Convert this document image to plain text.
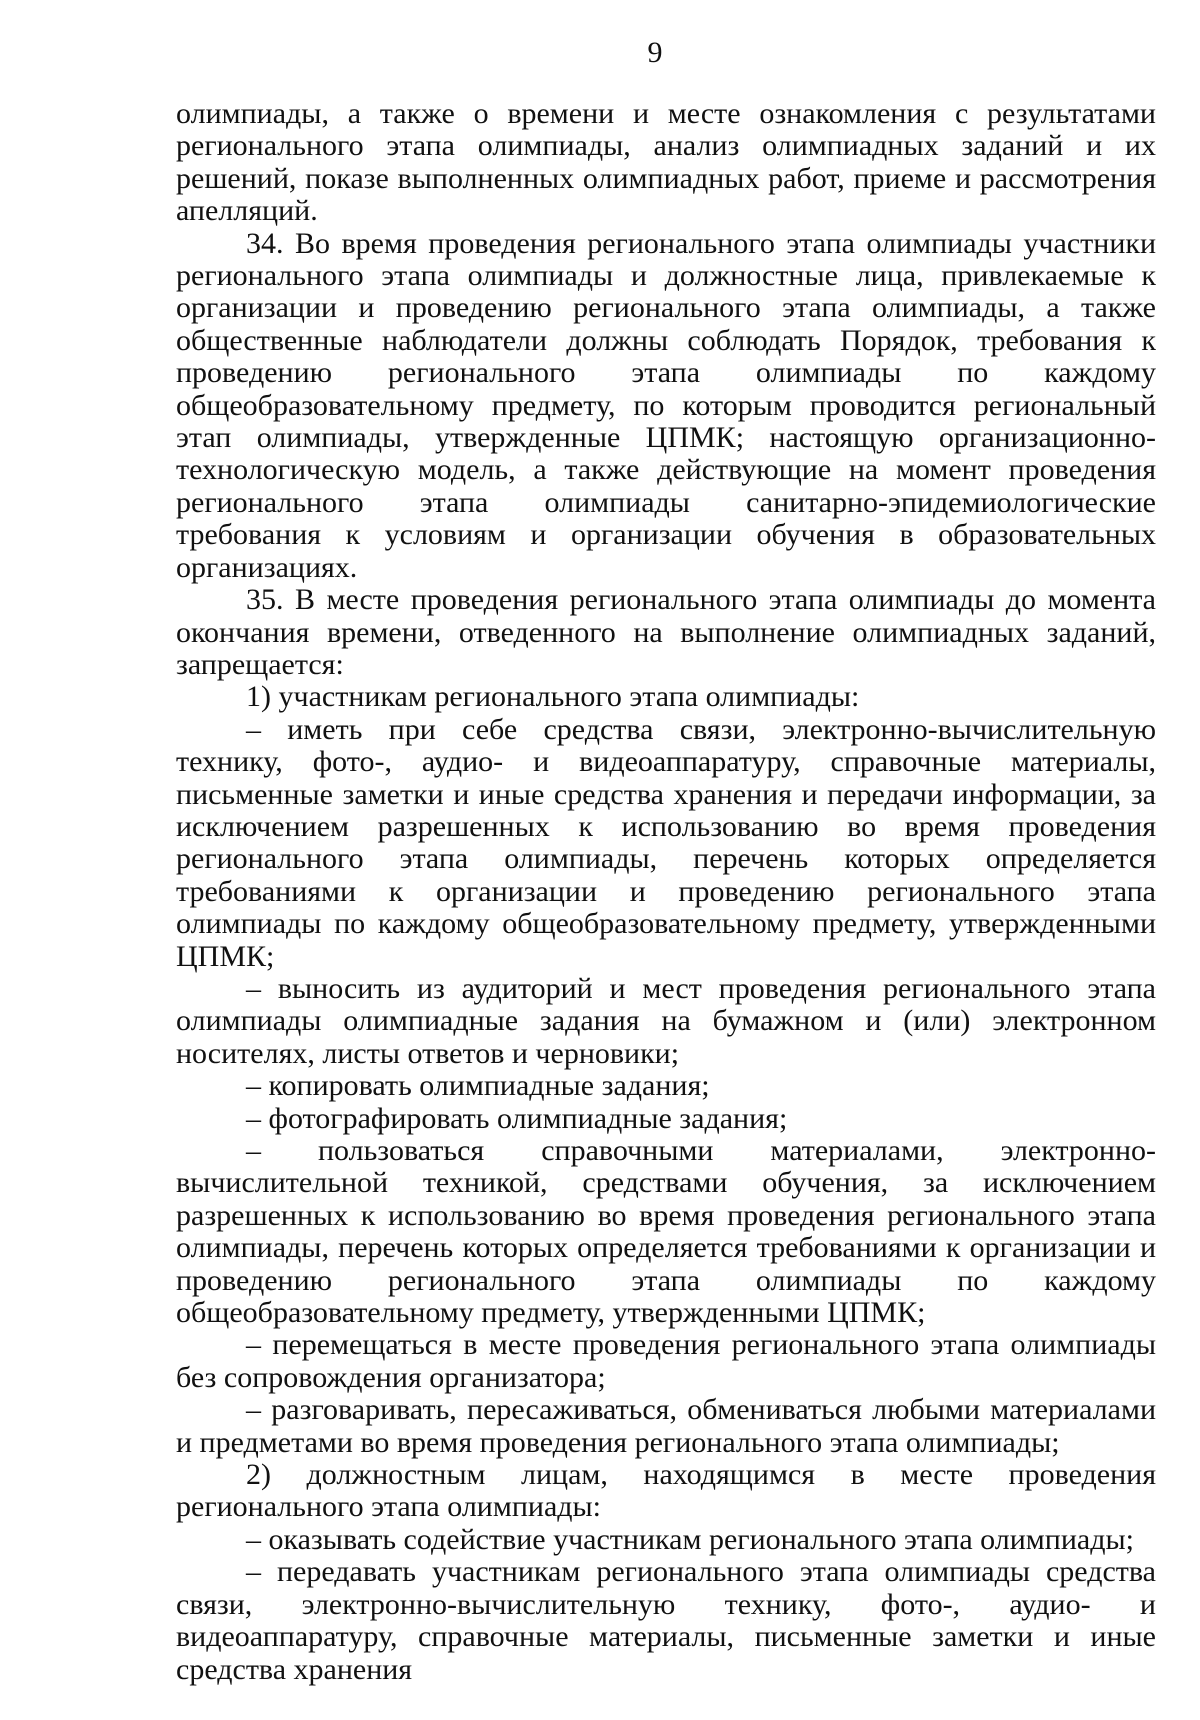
9

олимпиады, а также о времени и месте ознакомления с результатами регионального этапа олимпиады, анализ олимпиадных заданий и их решений, показе выполненных олимпиадных работ, приеме и рассмотрения апелляций.

34. Во время проведения регионального этапа олимпиады участники регионального этапа олимпиады и должностные лица, привлекаемые к организации и проведению регионального этапа олимпиады, а также общественные наблюдатели должны соблюдать Порядок, требования к проведению регионального этапа олимпиады по каждому общеобразовательному предмету, по которым проводится региональный этап олимпиады, утвержденные ЦПМК; настоящую организационно-технологическую модель, а также действующие на момент проведения регионального этапа олимпиады санитарно-эпидемиологические требования к условиям и организации обучения в образовательных организациях.

35. В месте проведения регионального этапа олимпиады до момента окончания времени, отведенного на выполнение олимпиадных заданий, запрещается:

1) участникам регионального этапа олимпиады:

– иметь при себе средства связи, электронно-вычислительную технику, фото-, аудио- и видеоаппаратуру, справочные материалы, письменные заметки и иные средства хранения и передачи информации, за исключением разрешенных к использованию во время проведения регионального этапа олимпиады, перечень которых определяется требованиями к организации и проведению регионального этапа олимпиады по каждому общеобразовательному предмету, утвержденными ЦПМК;

– выносить из аудиторий и мест проведения регионального этапа олимпиады олимпиадные задания на бумажном и (или) электронном носителях, листы ответов и черновики;

– копировать олимпиадные задания;

– фотографировать олимпиадные задания;

– пользоваться справочными материалами, электронно-вычислительной техникой, средствами обучения, за исключением разрешенных к использованию во время проведения регионального этапа олимпиады, перечень которых определяется требованиями к организации и проведению регионального этапа олимпиады по каждому общеобразовательному предмету, утвержденными ЦПМК;

– перемещаться в месте проведения регионального этапа олимпиады без сопровождения организатора;

– разговаривать, пересаживаться, обмениваться любыми материалами и предметами во время проведения регионального этапа олимпиады;

2) должностным лицам, находящимся в месте проведения регионального этапа олимпиады:

– оказывать содействие участникам регионального этапа олимпиады;

– передавать участникам регионального этапа олимпиады средства связи, электронно-вычислительную технику, фото-, аудио- и видеоаппаратуру, справочные материалы, письменные заметки и иные средства хранения
